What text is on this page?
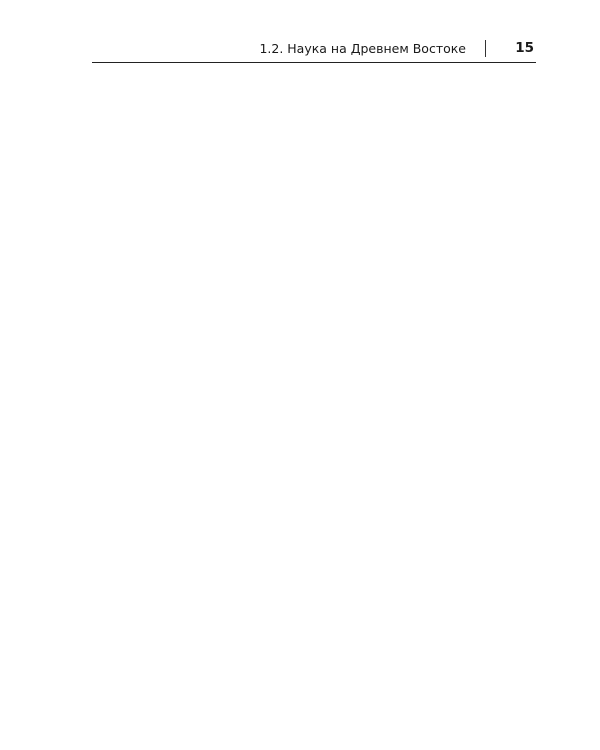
1.2. Наука на Древнем Востоке	15
